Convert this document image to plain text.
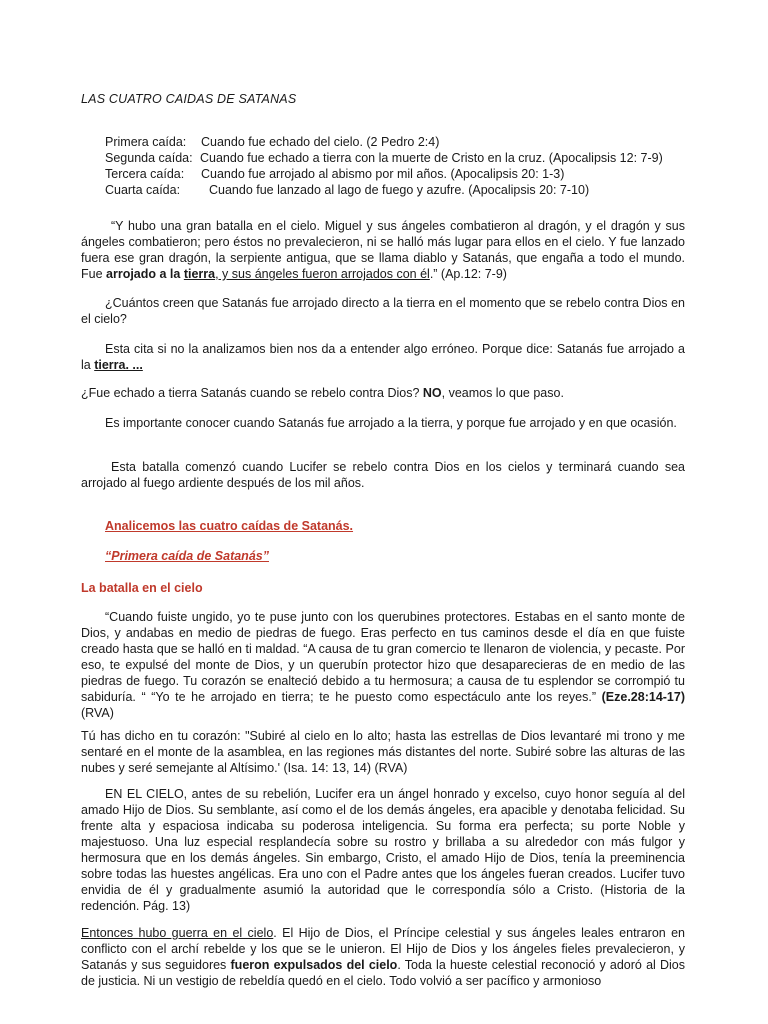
LAS CUATRO CAIDAS DE SATANAS
Primera caída: Cuando fue echado del cielo. (2 Pedro 2:4)
Segunda caída: Cuando fue echado a tierra con la muerte de Cristo en la cruz. (Apocalipsis 12: 7-9)
Tercera caída: Cuando fue arrojado al abismo por mil años. (Apocalipsis 20: 1-3)
Cuarta caída: Cuando fue lanzado al lago de fuego y azufre. (Apocalipsis 20: 7-10)

“Y hubo una gran batalla en el cielo. Miguel y sus ángeles combatieron al dragón, y el dragón y sus ángeles combatieron; pero éstos no prevalecieron, ni se halló más lugar para ellos en el cielo. Y fue lanzado fuera ese gran dragón, la serpiente antigua, que se llama diablo y Satanás, que engaña a todo el mundo. Fue arrojado a la tierra, y sus ángeles fueron arrojados con él.” (Ap.12: 7-9)

¿Cuántos creen que Satanás fue arrojado directo a la tierra en el momento que se rebelo contra Dios en el cielo?

Esta cita si no la analizamos bien nos da a entender algo erróneo. Porque dice: Satanás fue arrojado a la tierra. ...

¿Fue echado a tierra Satanás cuando se rebelo contra Dios? NO, veamos lo que paso.

Es importante conocer cuando Satanás fue arrojado a la tierra, y porque fue arrojado y en que ocasión.

Esta batalla comenzó cuando Lucifer se rebelo contra Dios en los cielos y terminará cuando sea arrojado al fuego ardiente después de los mil años.

Analicemos las cuatro caídas de Satanás.
“Primera caída de Satanás”
La batalla en el cielo

“Cuando fuiste ungido, yo te puse junto con los querubines protectores. Estabas en el santo monte de Dios, y andabas en medio de piedras de fuego. Eras perfecto en tus caminos desde el día en que fuiste creado hasta que se halló en ti maldad. “A causa de tu gran comercio te llenaron de violencia, y pecaste. Por eso, te expulsé del monte de Dios, y un querubín protector hizo que desaparecieras de en medio de las piedras de fuego. Tu corazón se enalteció debido a tu hermosura; a causa de tu esplendor se corrompió tu sabiduría. “ “Yo te he arrojado en tierra; te he puesto como espectáculo ante los reyes.” (Eze.28:14-17) (RVA)

Tú has dicho en tu corazón: "Subiré al cielo en lo alto; hasta las estrellas de Dios levantaré mi trono y me sentaré en el monte de la asamblea, en las regiones más distantes del norte. Subiré sobre las alturas de las nubes y seré semejante al Altísimo.' (Isa. 14: 13, 14) (RVA)

EN EL CIELO, antes de su rebelión, Lucifer era un ángel honrado y excelso, cuyo honor seguía al del amado Hijo de Dios. Su semblante, así como el de los demás ángeles, era apacible y denotaba felicidad. Su frente alta y espaciosa indicaba su poderosa inteligencia. Su forma era perfecta; su porte Noble y majestuoso. Una luz especial resplandecía sobre su rostro y brillaba a su alrededor con más fulgor y hermosura que en los demás ángeles. Sin embargo, Cristo, el amado Hijo de Dios, tenía la preeminencia sobre todas las huestes angélicas. Era uno con el Padre antes que los ángeles fueran creados. Lucifer tuvo envidia de él y gradualmente asumió la autoridad que le correspondía sólo a Cristo. (Historia de la redención. Pág. 13)

Entonces hubo guerra en el cielo. El Hijo de Dios, el Príncipe celestial y sus ángeles leales entraron en conflicto con el archí rebelde y los que se le unieron. El Hijo de Dios y los ángeles fieles prevalecieron, y Satanás y sus seguidores fueron expulsados del cielo. Toda la hueste celestial reconoció y adoró al Dios de justicia. Ni un vestigio de rebeldía quedó en el cielo. Todo volvió a ser pacífico y armonioso
